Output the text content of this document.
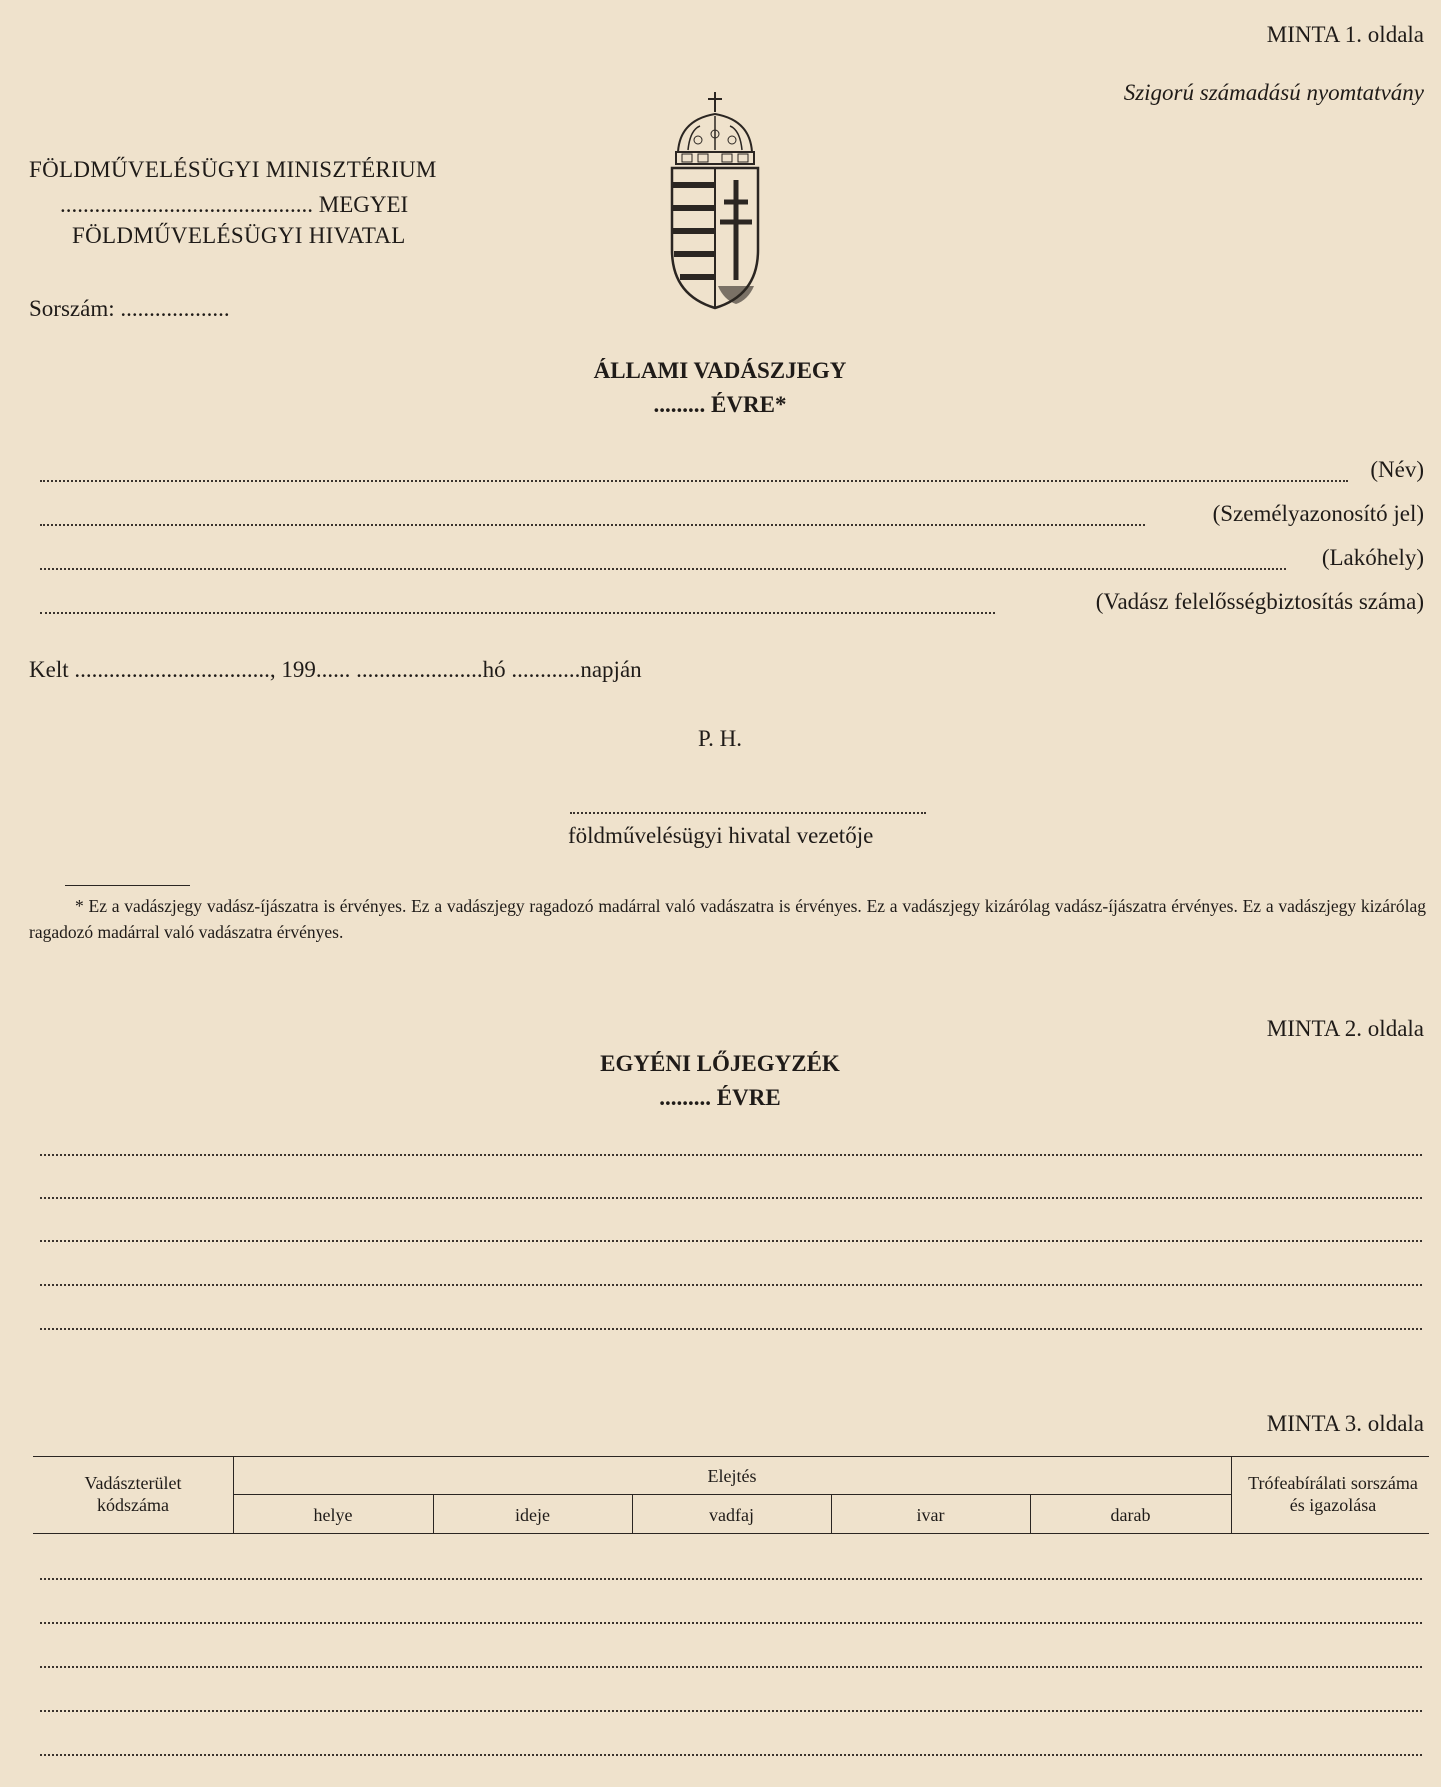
MINTA 1. oldala
Szigorú számadású nyomtatvány
FÖLDMŰVELÉSÜGYI MINISZTÉRIUM
............................................ MEGYEI
FÖLDMŰVELÉSÜGYI HIVATAL
Sorszám: ...................
ÁLLAMI VADÁSZJEGY
......... ÉVRE*
(Név)
(Személyazonosító jel)
(Lakóhely)
(Vadász felelősségbiztosítás száma)
Kelt .................................., 199...... ......................hó ............napján
P. H.
földművelésügyi hivatal vezetője
* Ez a vadászjegy vadász-íjászatra is érvényes. Ez a vadászjegy ragadozó madárral való vadászatra is érvényes. Ez a vadászjegy kizárólag vadász-íjászatra érvényes. Ez a vadászjegy kizárólag ragadozó madárral való vadászatra érvényes.
MINTA 2. oldala
EGYÉNI LŐJEGYZÉK
......... ÉVRE
MINTA 3. oldala
Vadászterület kódszáma
Elejtés
helye	ideje	vadfaj	ivar	darab
Trófeabírálati sorszáma és igazolása
